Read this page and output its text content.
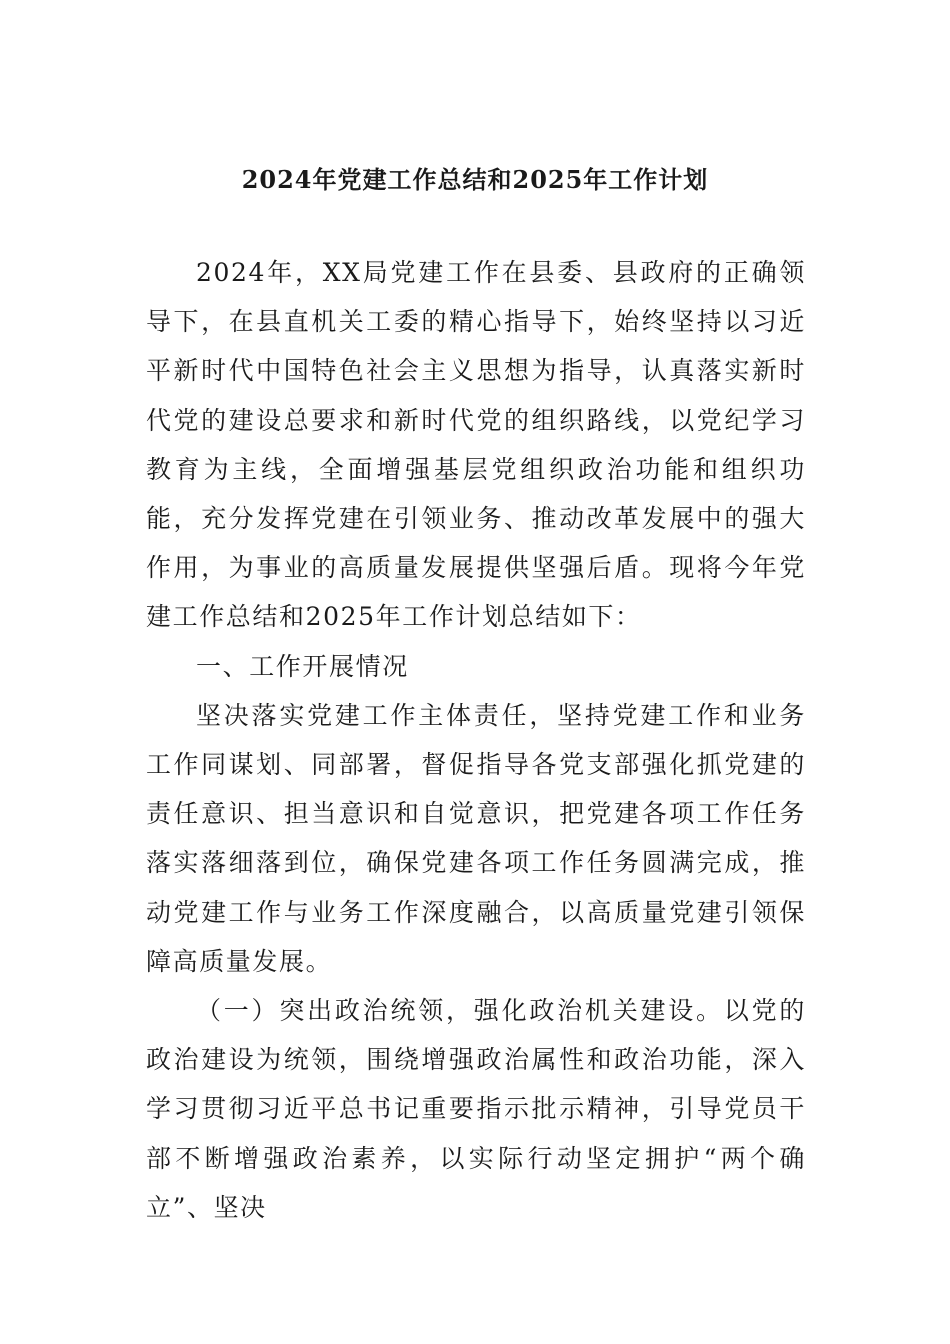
2024年党建工作总结和2025年工作计划

2024年，XX局党建工作在县委、县政府的正确领导下，在县直机关工委的精心指导下，始终坚持以习近平新时代中国特色社会主义思想为指导，认真落实新时代党的建设总要求和新时代党的组织路线，以党纪学习教育为主线，全面增强基层党组织政治功能和组织功能，充分发挥党建在引领业务、推动改革发展中的强大作用，为事业的高质量发展提供坚强后盾。现将今年党建工作总结和2025年工作计划总结如下：

一、工作开展情况

坚决落实党建工作主体责任，坚持党建工作和业务工作同谋划、同部署，督促指导各党支部强化抓党建的责任意识、担当意识和自觉意识，把党建各项工作任务落实落细落到位，确保党建各项工作任务圆满完成，推动党建工作与业务工作深度融合，以高质量党建引领保障高质量发展。

（一）突出政治统领，强化政治机关建设。以党的政治建设为统领，围绕增强政治属性和政治功能，深入学习贯彻习近平总书记重要指示批示精神，引导党员干部不断增强政治素养，以实际行动坚定拥护“两个确立”、坚决
